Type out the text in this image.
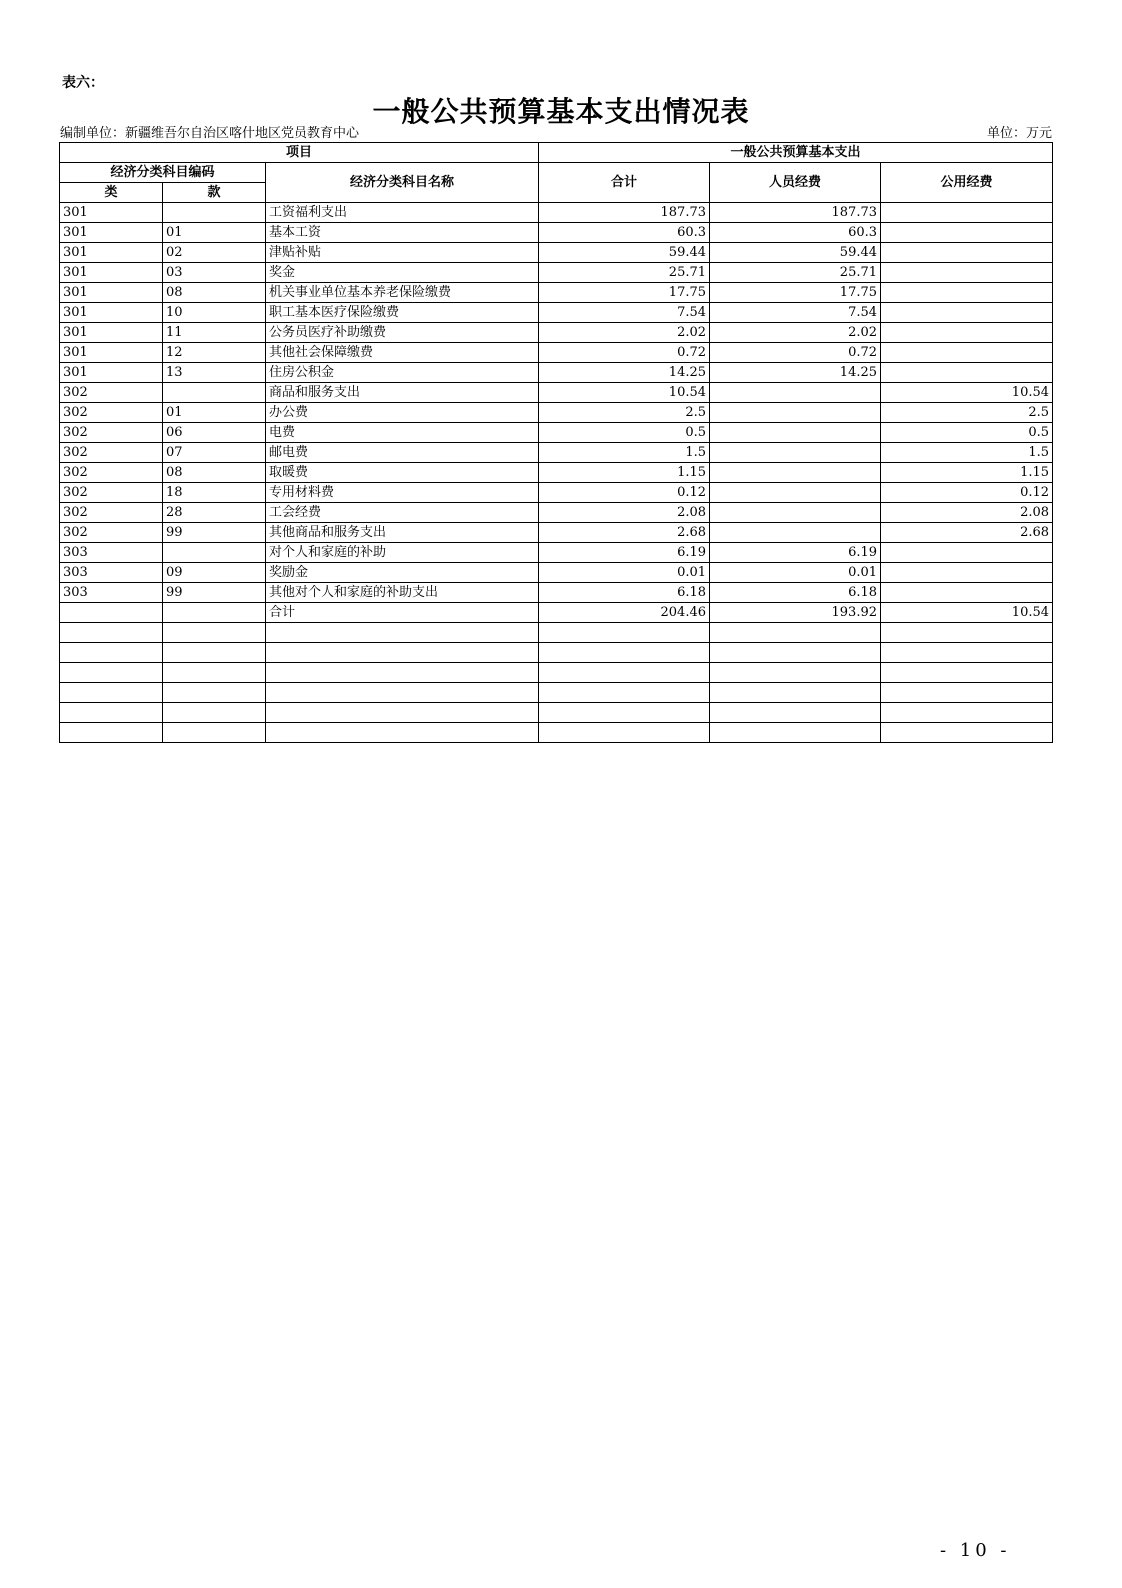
表六：
一般公共预算基本支出情况表
编制单位：新疆维吾尔自治区喀什地区党员教育中心	单位：万元
项目			一般公共预算基本支出		
经济分类科目编码		经济分类科目名称	合计	人员经费	公用经费
类	款				
301		工资福利支出	187.73	187.73	
301	01	基本工资	60.3	60.3	
301	02	津贴补贴	59.44	59.44	
301	03	奖金	25.71	25.71	
301	08	机关事业单位基本养老保险缴费	17.75	17.75	
301	10	职工基本医疗保险缴费	7.54	7.54	
301	11	公务员医疗补助缴费	2.02	2.02	
301	12	其他社会保障缴费	0.72	0.72	
301	13	住房公积金	14.25	14.25	
302		商品和服务支出	10.54		10.54
302	01	办公费	2.5		2.5
302	06	电费	0.5		0.5
302	07	邮电费	1.5		1.5
302	08	取暖费	1.15		1.15
302	18	专用材料费	0.12		0.12
302	28	工会经费	2.08		2.08
302	99	其他商品和服务支出	2.68		2.68
303		对个人和家庭的补助	6.19	6.19	
303	09	奖励金	0.01	0.01	
303	99	其他对个人和家庭的补助支出	6.18	6.18	
		合计	204.46	193.92	10.54

- 10 -
